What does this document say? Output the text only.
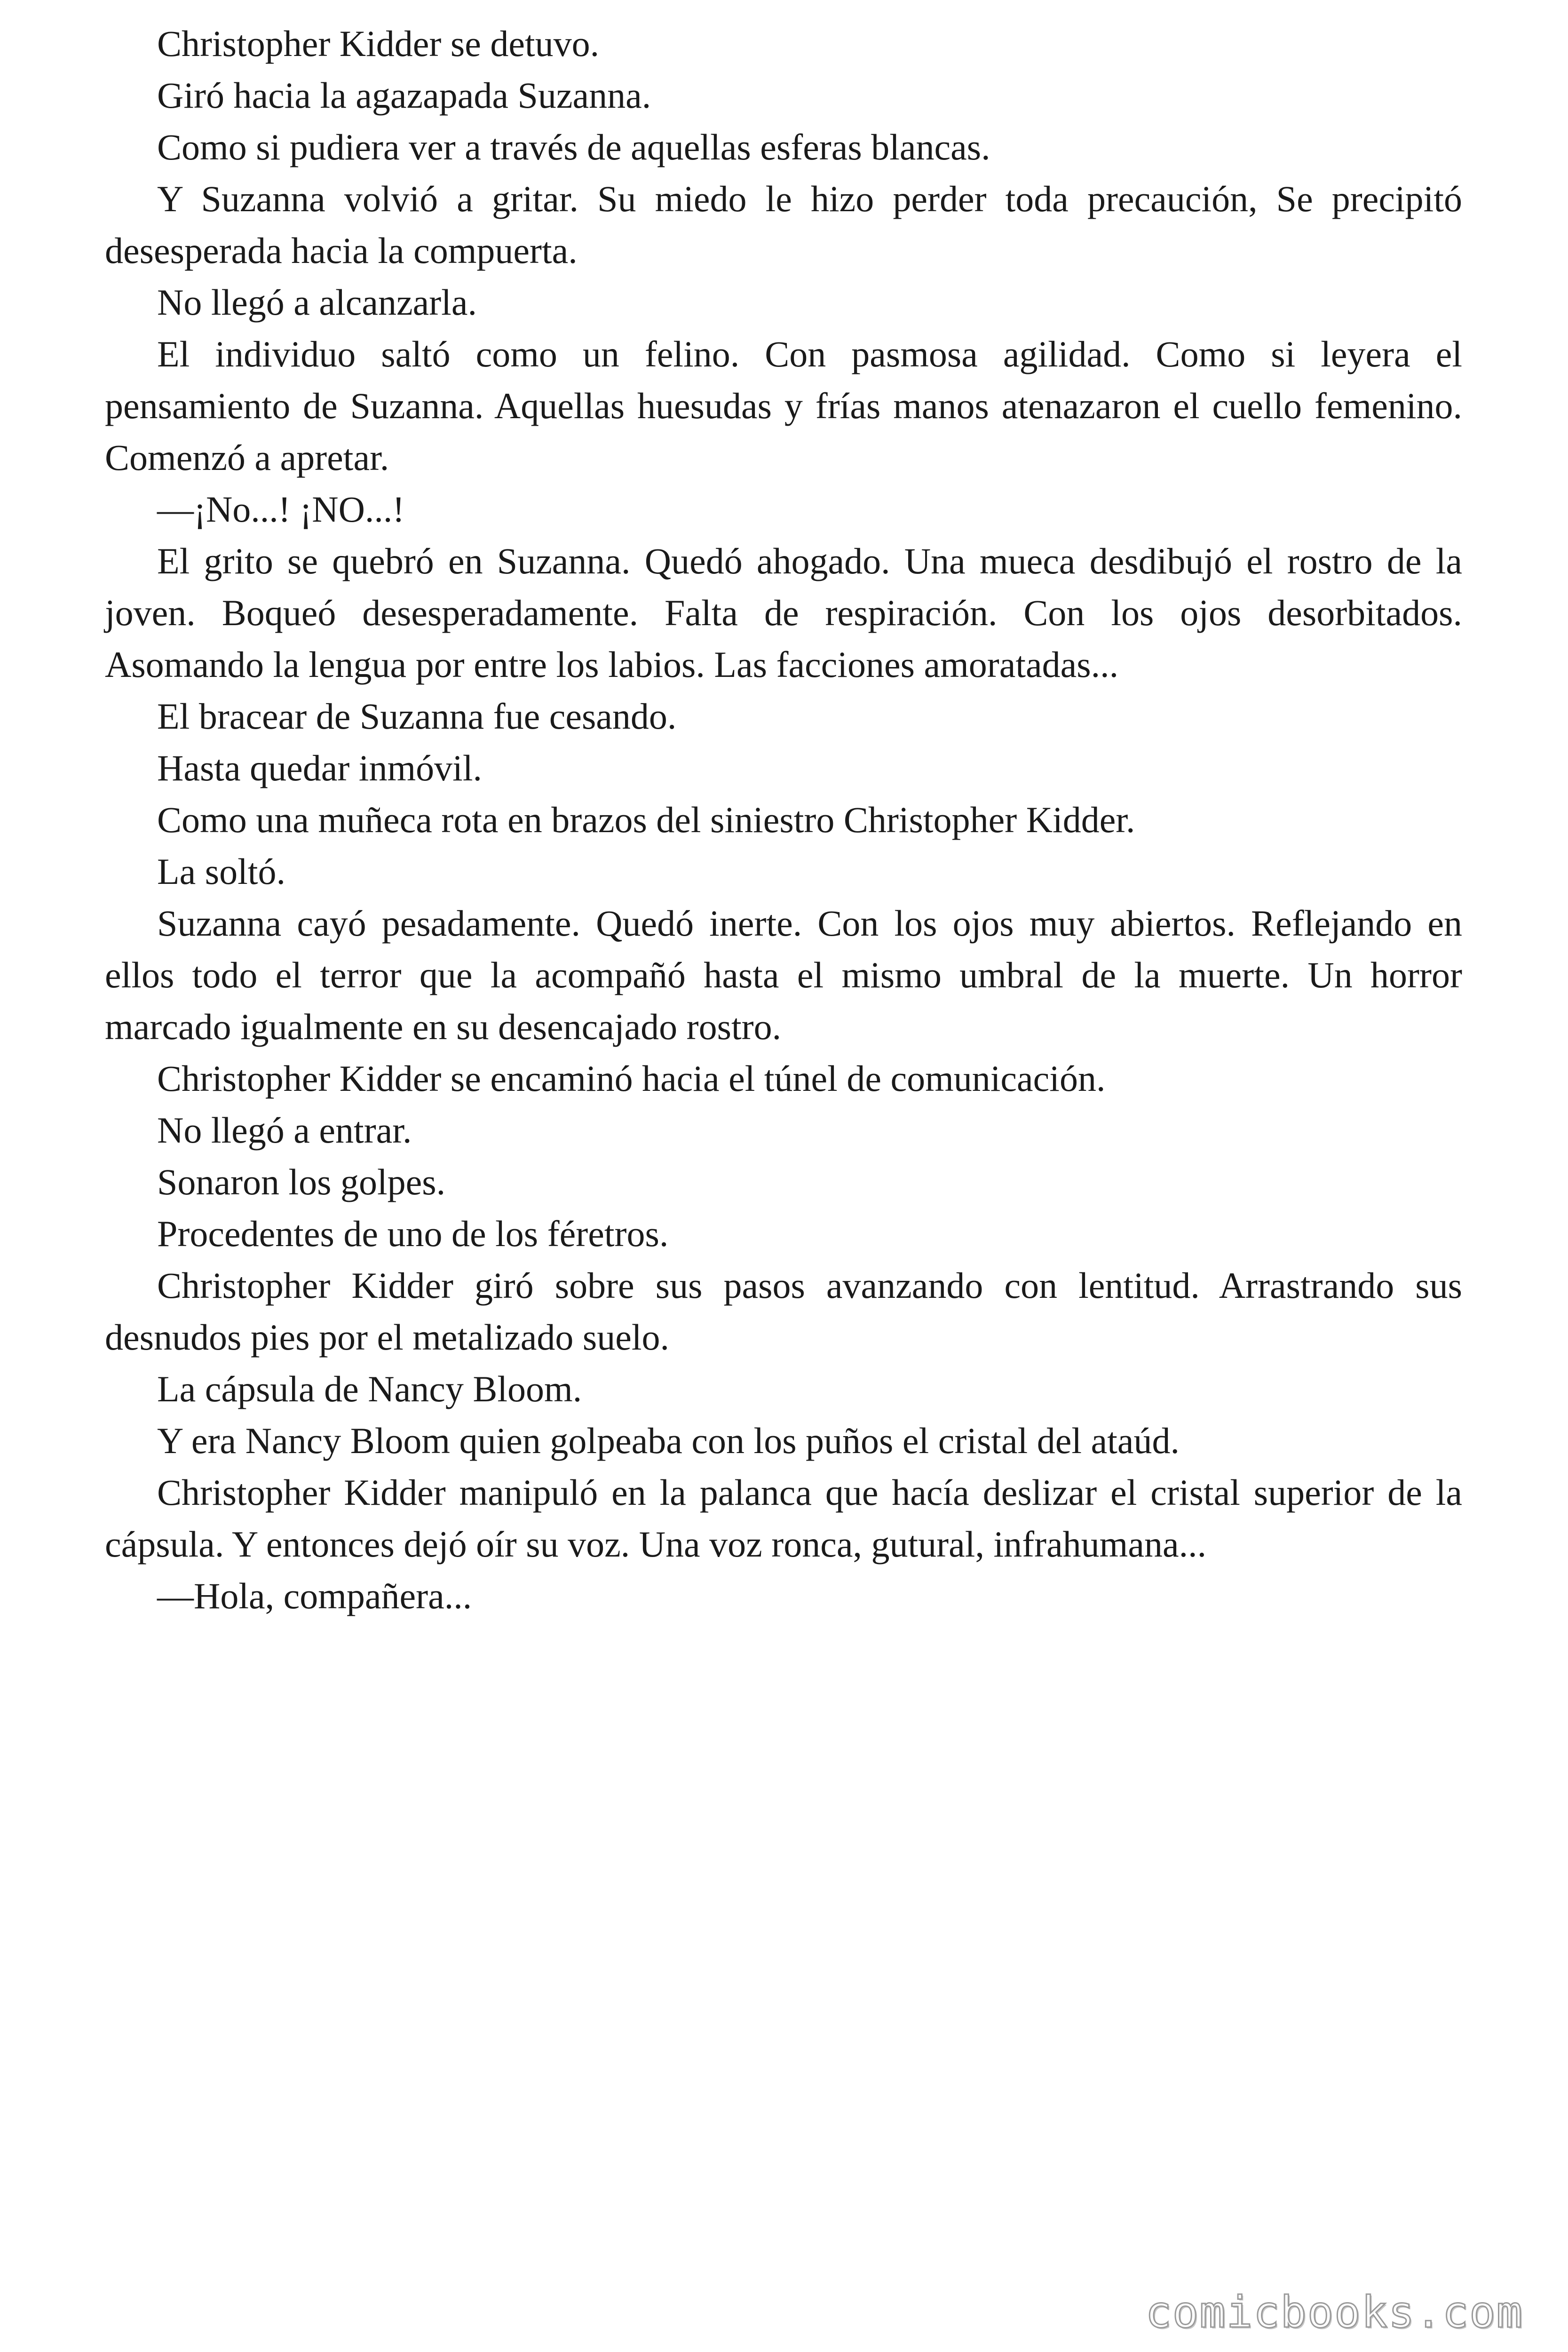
Christopher Kidder se detuvo.

Giró hacia la agazapada Suzanna.

Como si pudiera ver a través de aquellas esferas blancas.

Y Suzanna volvió a gritar. Su miedo le hizo perder toda precaución, Se precipitó desesperada hacia la compuerta.

No llegó a alcanzarla.

El individuo saltó como un felino. Con pasmosa agilidad. Como si leyera el pensamiento de Suzanna. Aquellas huesudas y frías manos atenazaron el cuello femenino. Comenzó a apretar.

—¡No...! ¡NO...!

El grito se quebró en Suzanna. Quedó ahogado. Una mueca desdibujó el rostro de la joven. Boqueó desesperadamente. Falta de respiración. Con los ojos desorbitados. Asomando la lengua por entre los labios. Las facciones amoratadas...

El bracear de Suzanna fue cesando.

Hasta quedar inmóvil.

Como una muñeca rota en brazos del siniestro Christopher Kidder.

La soltó.

Suzanna cayó pesadamente. Quedó inerte. Con los ojos muy abiertos. Reflejando en ellos todo el terror que la acompañó hasta el mismo umbral de la muerte. Un horror marcado igualmente en su desencajado rostro.

Christopher Kidder se encaminó hacia el túnel de comunicación.

No llegó a entrar.

Sonaron los golpes.

Procedentes de uno de los féretros.

Christopher Kidder giró sobre sus pasos avanzando con lentitud. Arrastrando sus desnudos pies por el metalizado suelo.

La cápsula de Nancy Bloom.

Y era Nancy Bloom quien golpeaba con los puños el cristal del ataúd.

Christopher Kidder manipuló en la palanca que hacía deslizar el cristal superior de la cápsula. Y entonces dejó oír su voz. Una voz ronca, gutural, infrahumana...

—Hola, compañera...

comicbooks.com
